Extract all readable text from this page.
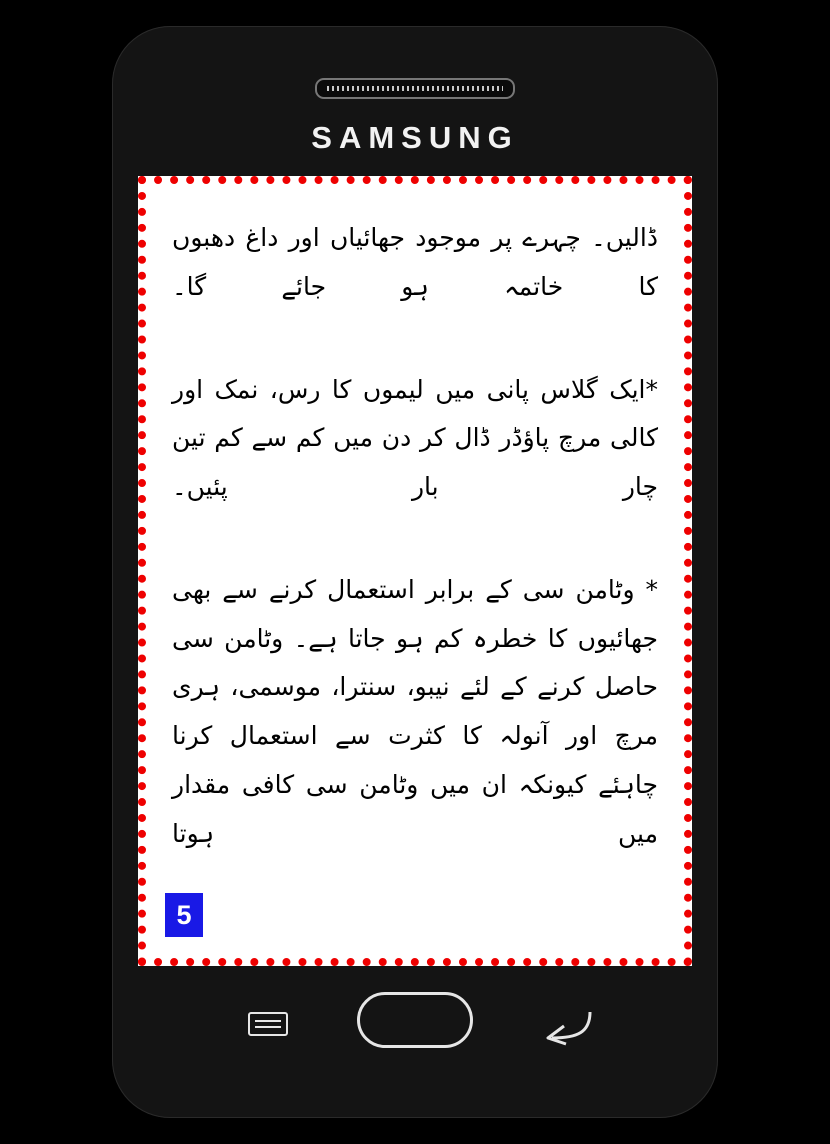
SAMSUNG
ڈالیں۔ چہرے پر موجود جھائیاں اور داغ دھبوں کا خاتمہ ہو جائے گا۔
*ایک گلاس پانی میں لیموں کا رس، نمک اور کالی مرچ پاؤڈر ڈال کر دن میں کم سے کم تین چار بار پئیں۔
* وٹامن سی کے برابر استعمال کرنے سے بھی جھائیوں کا خطرہ کم ہو جاتا ہے۔ وٹامن سی حاصل کرنے کے لئے نیبو، سنترا، موسمی، ہری مرچ اور آنولہ کا کثرت سے استعمال کرنا چاہئے کیونکہ ان میں وٹامن سی کافی مقدار میں ہوتا
5
